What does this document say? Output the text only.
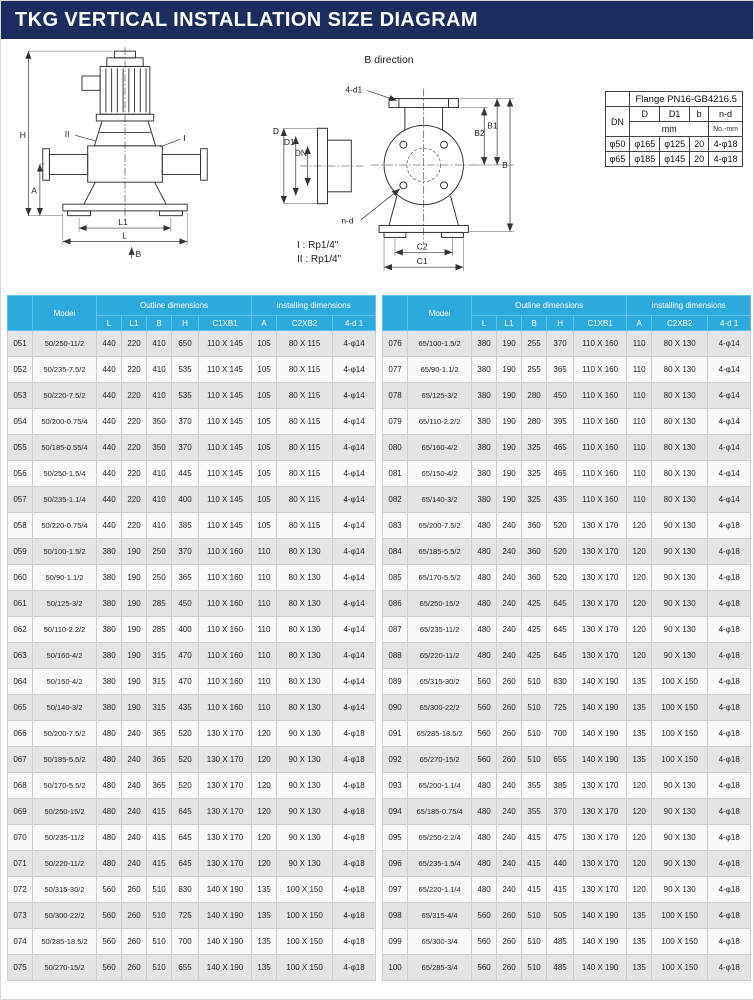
TKG VERTICAL INSTALLATION SIZE DIAGRAM
H
A
L1
L
B
II	I
B direction
D
D1
DN
4-d1
n-d
B2
B1
B
C2
C1
I : Rp1/4"
II : Rp1/4"
	Flange PN16-GB4216.5			
DN	D	D1	b	n-d
	mm			No.-mm
φ50	φ165	φ125	20	4-φ18
φ65	φ185	φ145	20	4-φ18
	Model	Outline dimensions					Installing dimensions		
		L	L1	B	H	C1XB1	A	C2XB2	4-d 1
051	50/250-11/2	440	220	410	650	110 X 145	105	80 X 115	4-φ14
052	50/235-7.5/2	440	220	410	535	110 X 145	105	80 X 115	4-φ14
053	50/220-7.5/2	440	220	410	535	110 X 145	105	80 X 115	4-φ14
054	50/200-0.75/4	440	220	350	370	110 X 145	105	80 X 115	4-φ14
055	50/185-0.55/4	440	220	350	370	110 X 145	105	80 X 115	4-φ14
056	50/250-1.5/4	440	220	410	445	110 X 145	105	80 X 115	4-φ14
057	50/235-1.1/4	440	220	410	400	110 X 145	105	80 X 115	4-φ14
058	50/220-0.75/4	440	220	410	385	110 X 145	105	80 X 115	4-φ14
059	50/100-1.5/2	380	190	250	370	110 X 160	110	80 X 130	4-φ14
060	50/90-1.1/2	380	190	250	365	110 X 160	110	80 X 130	4-φ14
061	50/125-3/2	380	190	285	450	110 X 160	110	80 X 130	4-φ14
062	50/110-2.2/2	380	190	285	400	110 X 160	110	80 X 130	4-φ14
063	50/160-4/2	380	190	315	470	110 X 160	110	80 X 130	4-φ14
064	50/150-4/2	380	190	315	470	110 X 160	110	80 X 130	4-φ14
065	50/140-3/2	380	190	315	435	110 X 160	110	80 X 130	4-φ14
066	50/200-7.5/2	480	240	365	520	130 X 170	120	90 X 130	4-φ18
067	50/185-5.5/2	480	240	365	520	130 X 170	120	90 X 130	4-φ18
068	50/170-5.5/2	480	240	365	520	130 X 170	120	90 X 130	4-φ18
069	50/250-15/2	480	240	415	645	130 X 170	120	90 X 130	4-φ18
070	50/235-11/2	480	240	415	645	130 X 170	120	90 X 130	4-φ18
071	50/220-11/2	480	240	415	645	130 X 170	120	90 X 130	4-φ18
072	50/315-30/2	560	260	510	830	140 X 190	135	100 X 150	4-φ18
073	50/300-22/2	560	260	510	725	140 X 190	135	100 X 150	4-φ18
074	50/285-18.5/2	560	260	510	700	140 X 190	135	100 X 150	4-φ18
075	50/270-15/2	560	260	510	655	140 X 190	135	100 X 150	4-φ18
	Model	Outline dimensions					Installing dimensions		
		L	L1	B	H	C1XB1	A	C2XB2	4-d 1
076	65/100-1.5/2	380	190	255	370	110 X 160	110	80 X 130	4-φ14
077	65/90-1.1/2	380	190	255	365	110 X 160	110	80 X 130	4-φ14
078	65/125-3/2	380	190	280	450	110 X 160	110	80 X 130	4-φ14
079	65/110-2.2/2	380	190	280	395	110 X 160	110	80 X 130	4-φ14
080	65/160-4/2	380	190	325	465	110 X 160	110	80 X 130	4-φ14
081	65/150-4/2	380	190	325	465	110 X 160	110	80 X 130	4-φ14
082	65/140-3/2	380	190	325	435	110 X 160	110	80 X 130	4-φ14
083	65/200-7.5/2	480	240	360	520	130 X 170	120	90 X 130	4-φ18
084	65/185-5.5/2	480	240	360	520	130 X 170	120	90 X 130	4-φ18
085	65/170-5.5/2	480	240	360	520	130 X 170	120	90 X 130	4-φ18
086	65/250-15/2	480	240	425	645	130 X 170	120	90 X 130	4-φ18
087	65/235-11/2	480	240	425	645	130 X 170	120	90 X 130	4-φ18
088	65/220-11/2	480	240	425	645	130 X 170	120	90 X 130	4-φ18
089	65/315-30/2	560	260	510	830	140 X 190	135	100 X 150	4-φ18
090	65/300-22/2	560	260	510	725	140 X 190	135	100 X 150	4-φ18
091	65/285-18.5/2	560	260	510	700	140 X 190	135	100 X 150	4-φ18
092	65/270-15/2	560	260	510	655	140 X 190	135	100 X 150	4-φ18
093	65/200-1.1/4	480	240	355	385	130 X 170	120	90 X 130	4-φ18
094	65/185-0.75/4	480	240	355	370	130 X 170	120	90 X 130	4-φ18
095	65/250-2.2/4	480	240	415	475	130 X 170	120	90 X 130	4-φ18
096	65/235-1.5/4	480	240	415	440	130 X 170	120	90 X 130	4-φ18
097	65/220-1.1/4	480	240	415	415	130 X 170	120	90 X 130	4-φ18
098	65/315-4/4	560	260	510	505	140 X 190	135	100 X 150	4-φ18
099	65/300-3/4	560	260	510	485	140 X 190	135	100 X 150	4-φ18
100	65/285-3/4	560	260	510	485	140 X 190	135	100 X 150	4-φ18
